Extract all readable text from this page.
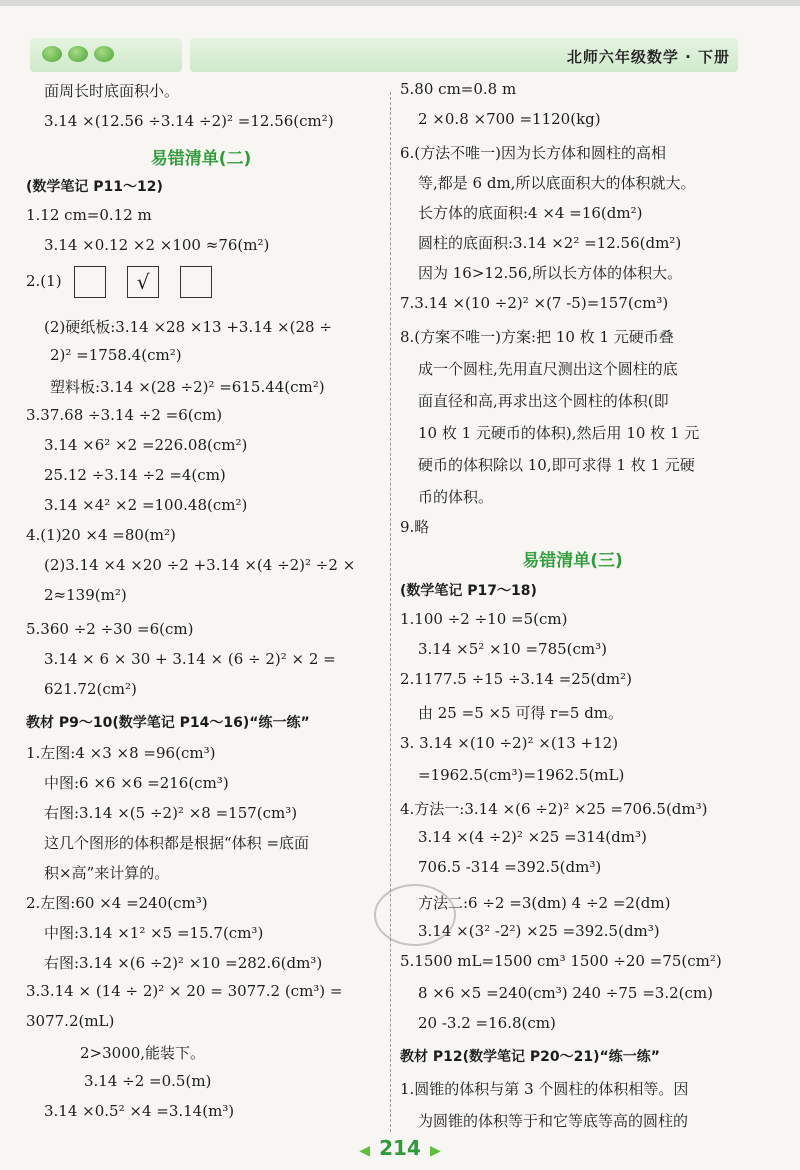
北师六年级数学 · 下册
面周长时底面积小。
3.14 ×(12.56 ÷3.14 ÷2)² =12.56(cm²)
易错清单(二)
(数学笔记 P11～12)
1.12 cm=0.12 m
3.14 ×0.12 ×2 ×100 ≈76(m²)
2.(1)	√
(2)硬纸板:3.14 ×28 ×13 +3.14 ×(28 ÷
2)² =1758.4(cm²)
塑料板:3.14 ×(28 ÷2)² =615.44(cm²)
3.37.68 ÷3.14 ÷2 =6(cm)
3.14 ×6² ×2 =226.08(cm²)
25.12 ÷3.14 ÷2 =4(cm)
3.14 ×4² ×2 =100.48(cm²)
4.(1)20 ×4 =80(m²)
(2)3.14 ×4 ×20 ÷2 +3.14 ×(4 ÷2)² ÷2 ×
2≈139(m²)
5.360 ÷2 ÷30 =6(cm)
3.14 × 6 × 30 + 3.14 × (6 ÷ 2)² × 2 =
621.72(cm²)
教材 P9～10(数学笔记 P14～16)“练一练”
1.左图:4 ×3 ×8 =96(cm³)
中图:6 ×6 ×6 =216(cm³)
右图:3.14 ×(5 ÷2)² ×8 =157(cm³)
这几个图形的体积都是根据“体积 =底面
积×高”来计算的。
2.左图:60 ×4 =240(cm³)
中图:3.14 ×1² ×5 =15.7(cm³)
右图:3.14 ×(6 ÷2)² ×10 =282.6(dm³)
3.3.14 × (14 ÷ 2)² × 20 = 3077.2 (cm³) =
3077.2(mL)
2>3000,能装下。
3.14 ÷2 =0.5(m)
3.14 ×0.5² ×4 =3.14(m³)
5.80 cm=0.8 m
2 ×0.8 ×700 =1120(kg)
6.(方法不唯一)因为长方体和圆柱的高相
等,都是 6 dm,所以底面积大的体积就大。
长方体的底面积:4 ×4 =16(dm²)
圆柱的底面积:3.14 ×2² =12.56(dm²)
因为 16>12.56,所以长方体的体积大。
7.3.14 ×(10 ÷2)² ×(7 -5)=157(cm³)
8.(方案不唯一)方案:把 10 枚 1 元硬币叠
成一个圆柱,先用直尺测出这个圆柱的底
面直径和高,再求出这个圆柱的体积(即
10 枚 1 元硬币的体积),然后用 10 枚 1 元
硬币的体积除以 10,即可求得 1 枚 1 元硬
币的体积。
9.略
易错清单(三)
(数学笔记 P17～18)
1.100 ÷2 ÷10 =5(cm)
3.14 ×5² ×10 =785(cm³)
2.1177.5 ÷15 ÷3.14 =25(dm²)
由 25 =5 ×5 可得 r=5 dm。
3. 3.14 ×(10 ÷2)² ×(13 +12)
=1962.5(cm³)=1962.5(mL)
4.方法一:3.14 ×(6 ÷2)² ×25 =706.5(dm³)
3.14 ×(4 ÷2)² ×25 =314(dm³)
706.5 -314 =392.5(dm³)
方法二:6 ÷2 =3(dm) 4 ÷2 =2(dm)
3.14 ×(3² -2²) ×25 =392.5(dm³)
5.1500 mL=1500 cm³ 1500 ÷20 =75(cm²)
8 ×6 ×5 =240(cm³) 240 ÷75 =3.2(cm)
20 -3.2 =16.8(cm)
教材 P12(数学笔记 P20～21)“练一练”
1.圆锥的体积与第 3 个圆柱的体积相等。因
为圆锥的体积等于和它等底等高的圆柱的
◀ 214 ▶
